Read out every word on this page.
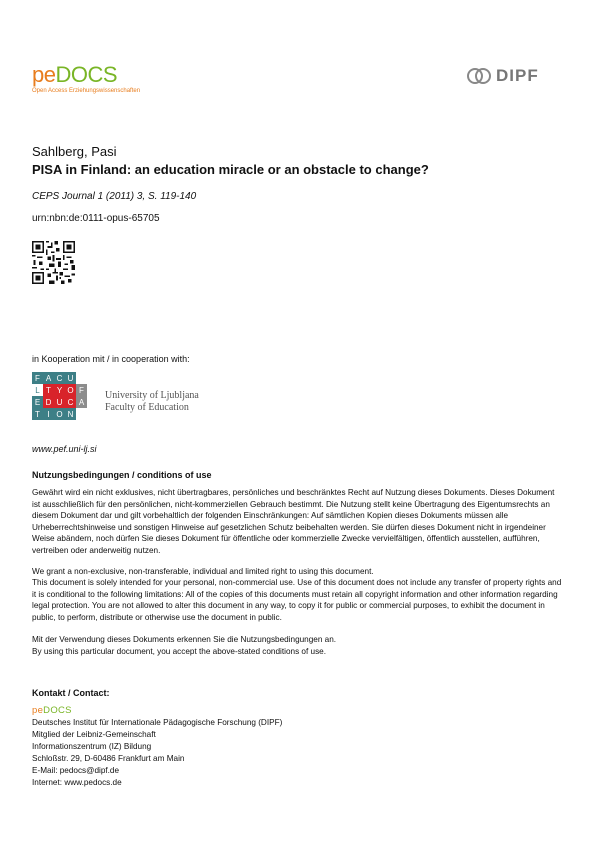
peDOCS
Open Access Erziehungswissenschaften
DIPF
Sahlberg, Pasi
PISA in Finland: an education miracle or an obstacle to change?
CEPS Journal 1 (2011) 3, S. 119-140
urn:nbn:de:0111-opus-65705
in Kooperation mit / in cooperation with:
F A C U
L T Y O F
E D U C A
T I O N
University of Ljubljana
Faculty of Education
www.pef.uni-lj.si
Nutzungsbedingungen / conditions of use
Gewährt wird ein nicht exklusives, nicht übertragbares, persönliches und beschränktes Recht auf Nutzung dieses Dokuments. Dieses Dokument ist ausschließlich für den persönlichen, nicht-kommerziellen Gebrauch bestimmt. Die Nutzung stellt keine Übertragung des Eigentumsrechts an diesem Dokument dar und gilt vorbehaltlich der folgenden Einschränkungen: Auf sämtlichen Kopien dieses Dokuments müssen alle Urheberrechtshinweise und sonstigen Hinweise auf gesetzlichen Schutz beibehalten werden. Sie dürfen dieses Dokument nicht in irgendeiner Weise abändern, noch dürfen Sie dieses Dokument für öffentliche oder kommerzielle Zwecke vervielfältigen, öffentlich ausstellen, aufführen, vertreiben oder anderweitig nutzen.
We grant a non-exclusive, non-transferable, individual and limited right to using this document.
This document is solely intended for your personal, non-commercial use. Use of this document does not include any transfer of property rights and it is conditional to the following limitations: All of the copies of this documents must retain all copyright information and other information regarding legal protection. You are not allowed to alter this document in any way, to copy it for public or commercial purposes, to exhibit the document in public, to perform, distribute or otherwise use the document in public.
Mit der Verwendung dieses Dokuments erkennen Sie die Nutzungsbedingungen an.
By using this particular document, you accept the above-stated conditions of use.
Kontakt / Contact:
peDOCS
Deutsches Institut für Internationale Pädagogische Forschung (DIPF)
Mitglied der Leibniz-Gemeinschaft
Informationszentrum (IZ) Bildung
Schloßstr. 29, D-60486 Frankfurt am Main
E-Mail: pedocs@dipf.de
Internet: www.pedocs.de
